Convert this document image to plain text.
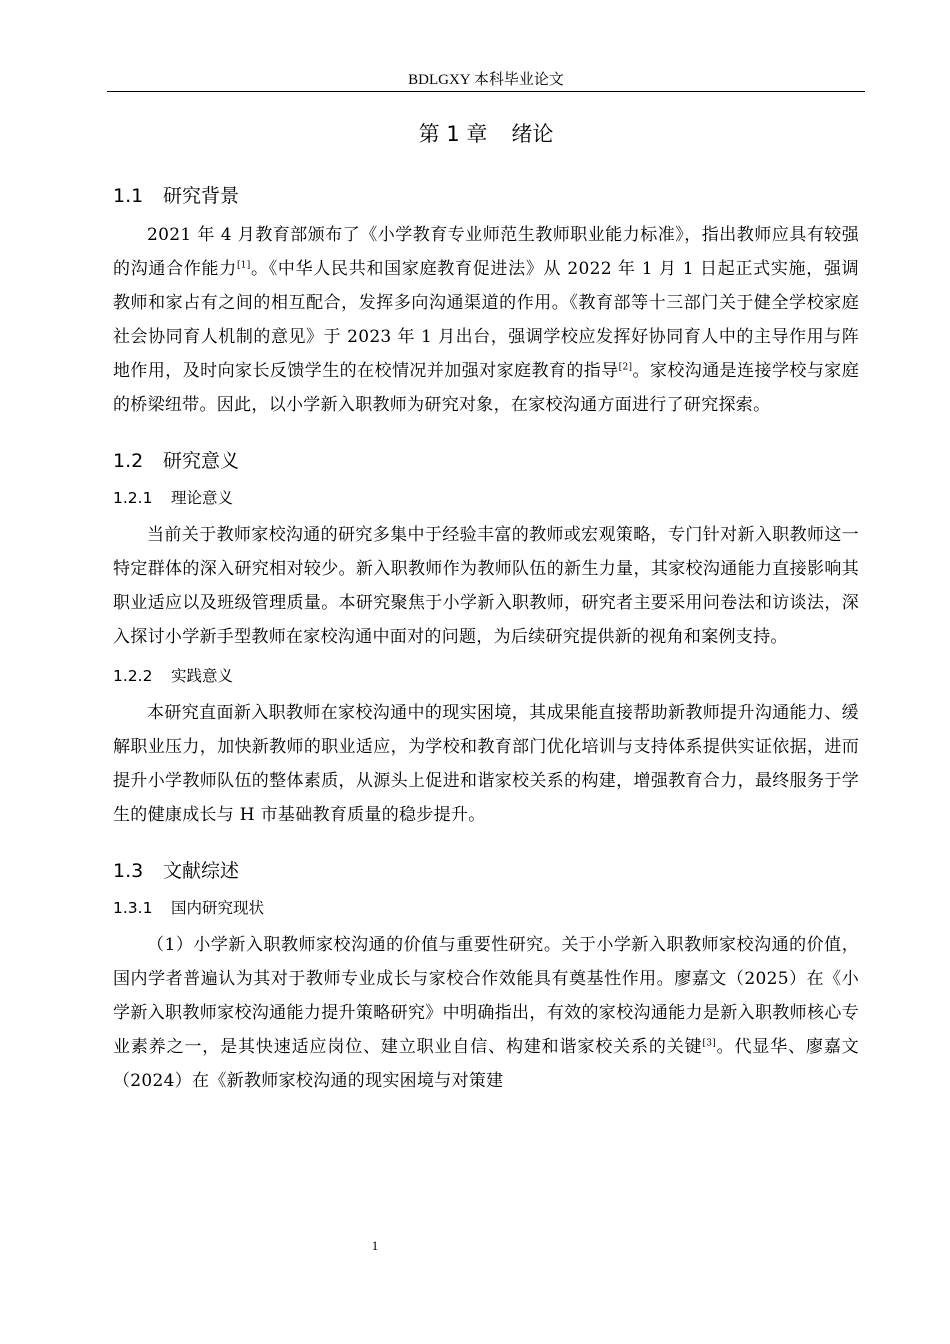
BDLGXY 本科毕业论文
第 1 章 绪论
1.1 研究背景

2021 年 4 月教育部颁布了《小学教育专业师范生教师职业能力标准》，指出教师应具有较强的沟通合作能力[1]。《中华人民共和国家庭教育促进法》从 2022 年 1 月 1 日起正式实施，强调教师和家占有之间的相互配合，发挥多向沟通渠道的作用。《教育部等十三部门关于健全学校家庭社会协同育人机制的意见》于 2023 年 1 月出台，强调学校应发挥好协同育人中的主导作用与阵地作用，及时向家长反馈学生的在校情况并加强对家庭教育的指导[2]。家校沟通是连接学校与家庭的桥梁纽带。因此，以小学新入职教师为研究对象，在家校沟通方面进行了研究探索。

1.2 研究意义
1.2.1 理论意义

当前关于教师家校沟通的研究多集中于经验丰富的教师或宏观策略，专门针对新入职教师这一特定群体的深入研究相对较少。新入职教师作为教师队伍的新生力量，其家校沟通能力直接影响其职业适应以及班级管理质量。本研究聚焦于小学新入职教师，研究者主要采用问卷法和访谈法，深入探讨小学新手型教师在家校沟通中面对的问题，为后续研究提供新的视角和案例支持。

1.2.2 实践意义

本研究直面新入职教师在家校沟通中的现实困境，其成果能直接帮助新教师提升沟通能力、缓解职业压力，加快新教师的职业适应，为学校和教育部门优化培训与支持体系提供实证依据，进而提升小学教师队伍的整体素质，从源头上促进和谐家校关系的构建，增强教育合力，最终服务于学生的健康成长与 H 市基础教育质量的稳步提升。

1.3 文献综述
1.3.1 国内研究现状

（1）小学新入职教师家校沟通的价值与重要性研究。关于小学新入职教师家校沟通的价值，国内学者普遍认为其对于教师专业成长与家校合作效能具有奠基性作用。廖嘉文（2025）在《小学新入职教师家校沟通能力提升策略研究》中明确指出，有效的家校沟通能力是新入职教师核心专业素养之一，是其快速适应岗位、建立职业自信、构建和谐家校关系的关键[3]。代显华、廖嘉文（2024）在《新教师家校沟通的现实困境与对策建

1
